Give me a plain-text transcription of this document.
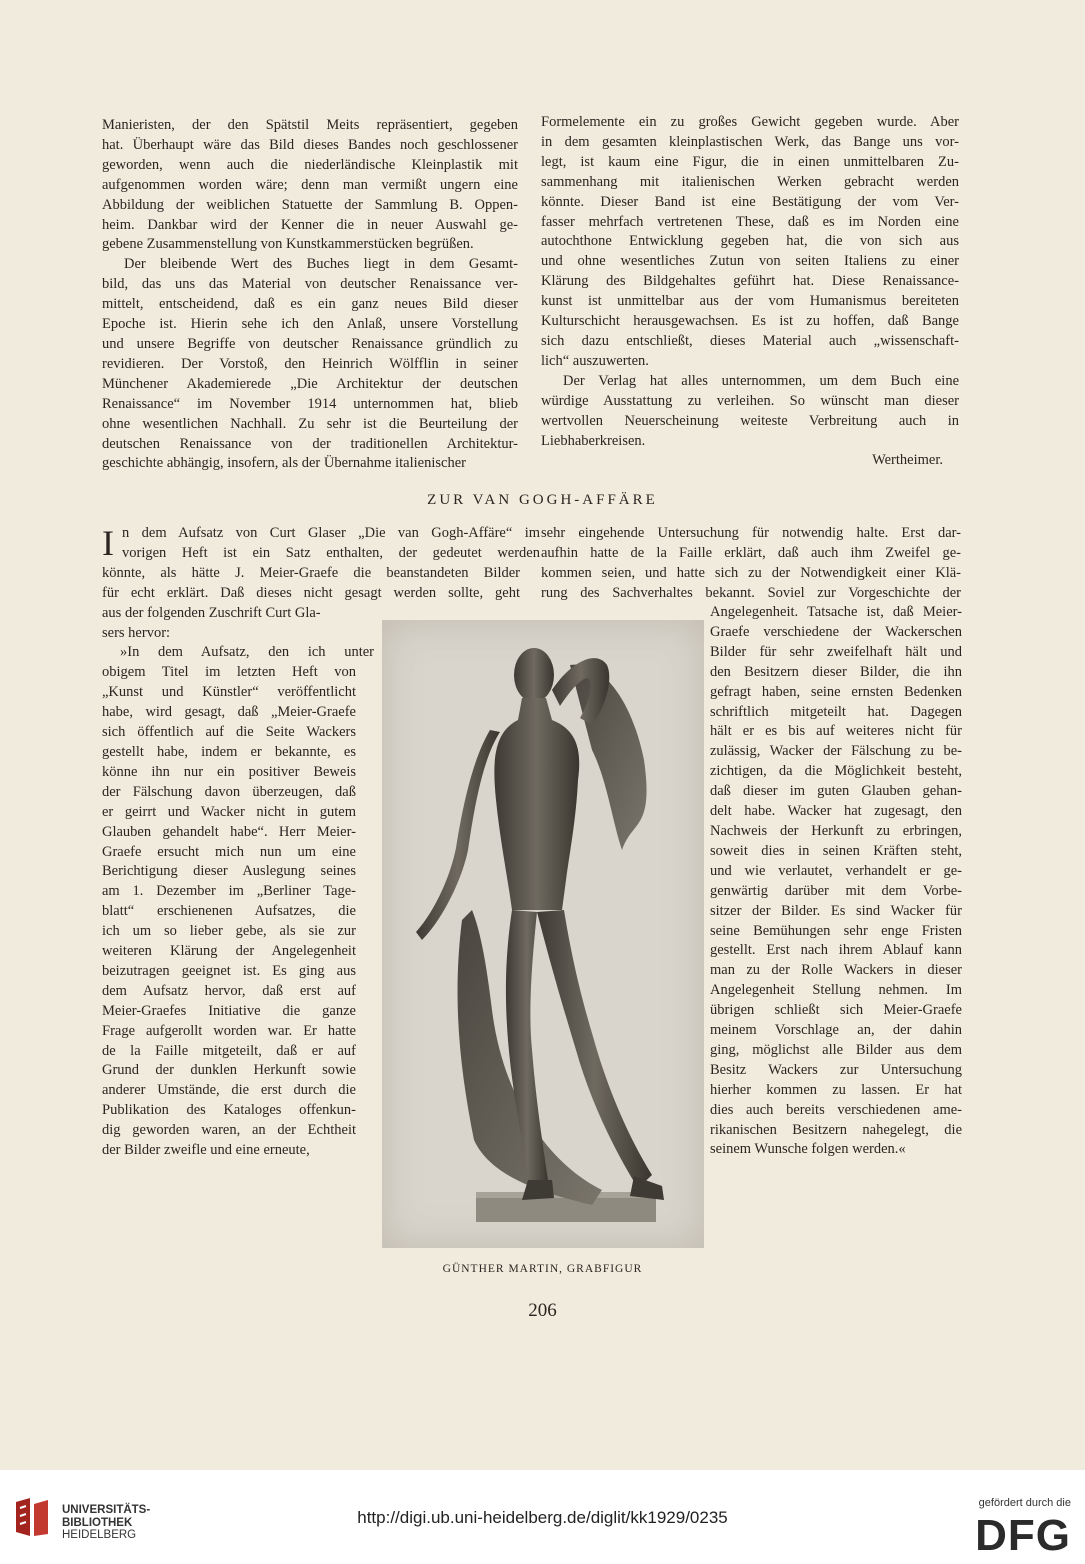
Manieristen, der den Spätstil Meits repräsentiert, gegeben
hat. Überhaupt wäre das Bild dieses Bandes noch geschlossener
geworden, wenn auch die niederländische Kleinplastik mit
aufgenommen worden wäre; denn man vermißt ungern eine
Abbildung der weiblichen Statuette der Sammlung B. Oppen-
heim. Dankbar wird der Kenner die in neuer Auswahl ge-
gebene Zusammenstellung von Kunstkammerstücken begrüßen.
Der bleibende Wert des Buches liegt in dem Gesamt-
bild, das uns das Material von deutscher Renaissance ver-
mittelt, entscheidend, daß es ein ganz neues Bild dieser
Epoche ist. Hierin sehe ich den Anlaß, unsere Vorstellung
und unsere Begriffe von deutscher Renaissance gründlich zu
revidieren. Der Vorstoß, den Heinrich Wölfflin in seiner
Münchener Akademierede „Die Architektur der deutschen
Renaissance“ im November 1914 unternommen hat, blieb
ohne wesentlichen Nachhall. Zu sehr ist die Beurteilung der
deutschen Renaissance von der traditionellen Architektur-
geschichte abhängig, insofern, als der Übernahme italienischer
Formelemente ein zu großes Gewicht gegeben wurde. Aber
in dem gesamten kleinplastischen Werk, das Bange uns vor-
legt, ist kaum eine Figur, die in einen unmittelbaren Zu-
sammenhang mit italienischen Werken gebracht werden
könnte. Dieser Band ist eine Bestätigung der vom Ver-
fasser mehrfach vertretenen These, daß es im Norden eine
autochthone Entwicklung gegeben hat, die von sich aus
und ohne wesentliches Zutun von seiten Italiens zu einer
Klärung des Bildgehaltes geführt hat. Diese Renaissance-
kunst ist unmittelbar aus der vom Humanismus bereiteten
Kulturschicht herausgewachsen. Es ist zu hoffen, daß Bange
sich dazu entschließt, dieses Material auch „wissenschaft-
lich“ auszuwerten.
Der Verlag hat alles unternommen, um dem Buch eine
würdige Ausstattung zu verleihen. So wünscht man dieser
wertvollen Neuerscheinung weiteste Verbreitung auch in
Liebhaberkreisen.
Wertheimer.
ZUR VAN GOGH-AFFÄRE
I n dem Aufsatz von Curt Glaser „Die van Gogh-Affäre“ im
vorigen Heft ist ein Satz enthalten, der gedeutet werden
könnte, als hätte J. Meier-Graefe die beanstandeten Bilder
für echt erklärt. Daß dieses nicht gesagt werden sollte, geht
aus der folgenden Zuschrift Curt Gla-
sers hervor:
»In dem Aufsatz, den ich unter
obigem Titel im letzten Heft von
„Kunst und Künstler“ veröffentlicht
habe, wird gesagt, daß „Meier-Graefe
sich öffentlich auf die Seite Wackers
gestellt habe, indem er bekannte, es
könne ihn nur ein positiver Beweis
der Fälschung davon überzeugen, daß
er geirrt und Wacker nicht in gutem
Glauben gehandelt habe“. Herr Meier-
Graefe ersucht mich nun um eine
Berichtigung dieser Auslegung seines
am 1. Dezember im „Berliner Tage-
blatt“ erschienenen Aufsatzes, die
ich um so lieber gebe, als sie zur
weiteren Klärung der Angelegenheit
beizutragen geeignet ist. Es ging aus
dem Aufsatz hervor, daß erst auf
Meier-Graefes Initiative die ganze
Frage aufgerollt worden war. Er hatte
de la Faille mitgeteilt, daß er auf
Grund der dunklen Herkunft sowie
anderer Umstände, die erst durch die
Publikation des Kataloges offenkun-
dig geworden waren, an der Echtheit
der Bilder zweifle und eine erneute,
sehr eingehende Untersuchung für notwendig halte. Erst dar-
aufhin hatte de la Faille erklärt, daß auch ihm Zweifel ge-
kommen seien, und hatte sich zu der Notwendigkeit einer Klä-
rung des Sachverhaltes bekannt. Soviel zur Vorgeschichte der
Angelegenheit. Tatsache ist, daß Meier-
Graefe verschiedene der Wackerschen
Bilder für sehr zweifelhaft hält und
den Besitzern dieser Bilder, die ihn
gefragt haben, seine ernsten Bedenken
schriftlich mitgeteilt hat. Dagegen
hält er es bis auf weiteres nicht für
zulässig, Wacker der Fälschung zu be-
zichtigen, da die Möglichkeit besteht,
daß dieser im guten Glauben gehan-
delt habe. Wacker hat zugesagt, den
Nachweis der Herkunft zu erbringen,
soweit dies in seinen Kräften steht,
und wie verlautet, verhandelt er ge-
genwärtig darüber mit dem Vorbe-
sitzer der Bilder. Es sind Wacker für
seine Bemühungen sehr enge Fristen
gestellt. Erst nach ihrem Ablauf kann
man zu der Rolle Wackers in dieser
Angelegenheit Stellung nehmen. Im
übrigen schließt sich Meier-Graefe
meinem Vorschlage an, der dahin
ging, möglichst alle Bilder aus dem
Besitz Wackers zur Untersuchung
hierher kommen zu lassen. Er hat
dies auch bereits verschiedenen ame-
rikanischen Besitzern nahegelegt, die
seinem Wunsche folgen werden.«
GÜNTHER MARTIN, GRABFIGUR
206
UNIVERSITÄTS-
BIBLIOTHEK
HEIDELBERG
http://digi.ub.uni-heidelberg.de/diglit/kk1929/0235
gefördert durch die
DFG
